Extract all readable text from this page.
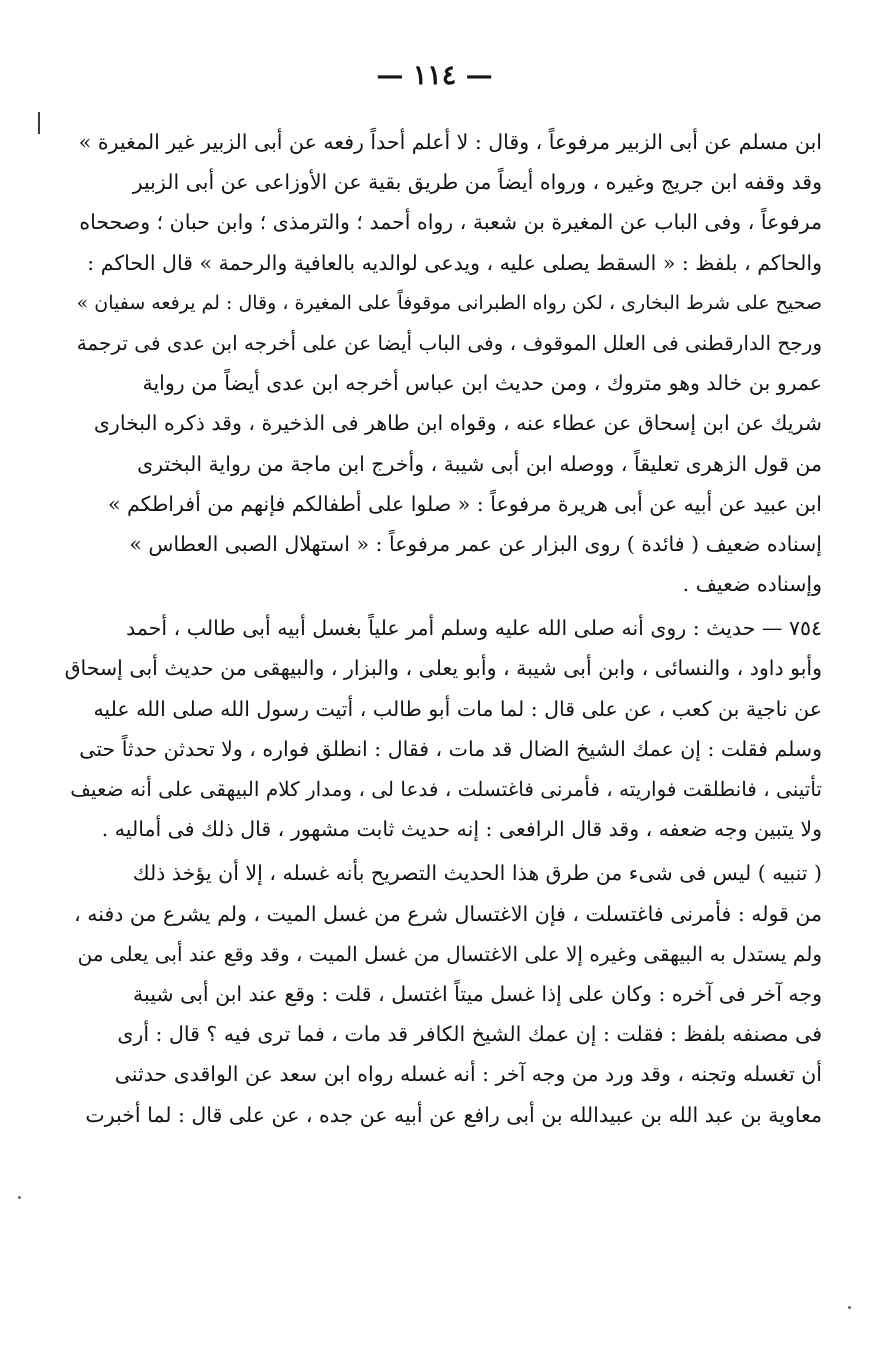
— ١١٤ —
ابن مسلم عن أبى الزبير مرفوعاً ، وقال : لا أعلم أحداً رفعه عن أبى الزبير غير المغيرة »
وقد وقفه ابن جريج وغيره ، ورواه أيضاً من طريق بقية عن الأوزاعى عن أبى الزبير
مرفوعاً ، وفى الباب عن المغيرة بن شعبة ، رواه أحمد ؛ والترمذى ؛ وابن حبان ؛ وصححاه
والحاكم ، بلفظ : « السقط يصلى عليه ، ويدعى لوالديه بالعافية والرحمة » قال الحاكم :
صحيح على شرط البخارى ، لكن رواه الطبرانى موقوفاً على المغيرة ، وقال : لم يرفعه سفيان »
ورجح الدارقطنى فى العلل الموقوف ، وفى الباب أيضا عن على أخرجه ابن عدى فى ترجمة
عمرو بن خالد وهو متروك ، ومن حديث ابن عباس أخرجه ابن عدى أيضاً من رواية
شريك عن ابن إسحاق عن عطاء عنه ، وقواه ابن طاهر فى الذخيرة ، وقد ذكره البخارى
من قول الزهرى تعليقاً ، ووصله ابن أبى شيبة ، وأخرج ابن ماجة من رواية البخترى
ابن عبيد عن أبيه عن أبى هريرة مرفوعاً : « صلوا على أطفالكم فإنهم من أفراطكم »
إسناده ضعيف ( فائدة ) روى البزار عن عمر مرفوعاً : « استهلال الصبى العطاس »
وإسناده ضعيف .
٧٥٤ — حديث : روى أنه صلى الله عليه وسلم أمر علياً بغسل أبيه أبى طالب ، أحمد
وأبو داود ، والنسائى ، وابن أبى شيبة ، وأبو يعلى ، والبزار ، والبيهقى من حديث أبى إسحاق
عن ناجية بن كعب ، عن على قال : لما مات أبو طالب ، أتيت رسول الله صلى الله عليه
وسلم فقلت : إن عمك الشيخ الضال قد مات ، فقال : انطلق فواره ، ولا تحدثن حدثاً حتى
تأتينى ، فانطلقت فواريته ، فأمرنى فاغتسلت ، فدعا لى ، ومدار كلام البيهقى على أنه ضعيف
ولا يتبين وجه ضعفه ، وقد قال الرافعى : إنه حديث ثابت مشهور ، قال ذلك فى أماليه .
( تنبيه ) ليس فى شىء من طرق هذا الحديث التصريح بأنه غسله ، إلا أن يؤخذ ذلك
من قوله : فأمرنى فاغتسلت ، فإن الاغتسال شرع من غسل الميت ، ولم يشرع من دفنه ،
ولم يستدل به البيهقى وغيره إلا على الاغتسال من غسل الميت ، وقد وقع عند أبى يعلى من
وجه آخر فى آخره : وكان على إذا غسل ميتاً اغتسل ، قلت : وقع عند ابن أبى شيبة
فى مصنفه بلفظ : فقلت : إن عمك الشيخ الكافر قد مات ، فما ترى فيه ؟ قال : أرى
أن تغسله وتجنه ، وقد ورد من وجه آخر : أنه غسله رواه ابن سعد عن الواقدى حدثنى
معاوية بن عبد الله بن عبيدالله بن أبى رافع عن أبيه عن جده ، عن على قال : لما أخبرت
